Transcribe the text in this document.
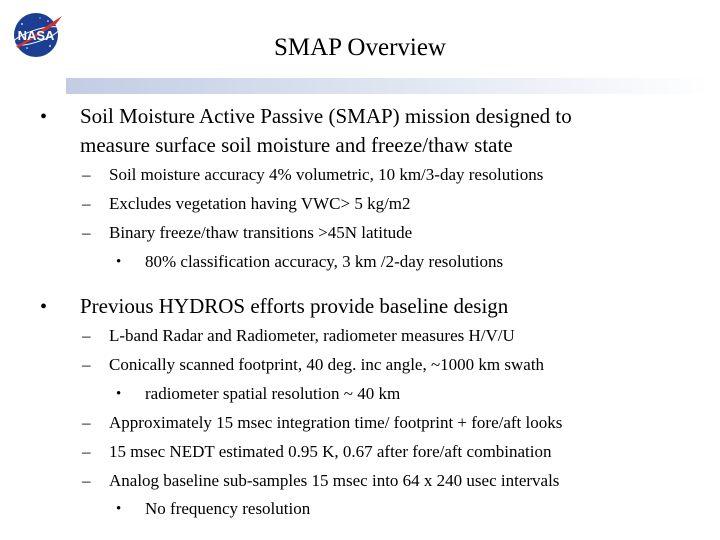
NASA	SMAP Overview
• Soil Moisture Active Passive (SMAP) mission designed to
measure surface soil moisture and freeze/thaw state
– Soil moisture accuracy 4% volumetric, 10 km/3-day resolutions
– Excludes vegetation having VWC> 5 kg/m2
– Binary freeze/thaw transitions >45N latitude
• 80% classification accuracy, 3 km /2-day resolutions
• Previous HYDROS efforts provide baseline design
– L-band Radar and Radiometer, radiometer measures H/V/U
– Conically scanned footprint, 40 deg. inc angle, ~1000 km swath
• radiometer spatial resolution ~ 40 km
– Approximately 15 msec integration time/ footprint + fore/aft looks
– 15 msec NEDT estimated 0.95 K, 0.67 after fore/aft combination
– Analog baseline sub-samples 15 msec into 64 x 240 usec intervals
• No frequency resolution
